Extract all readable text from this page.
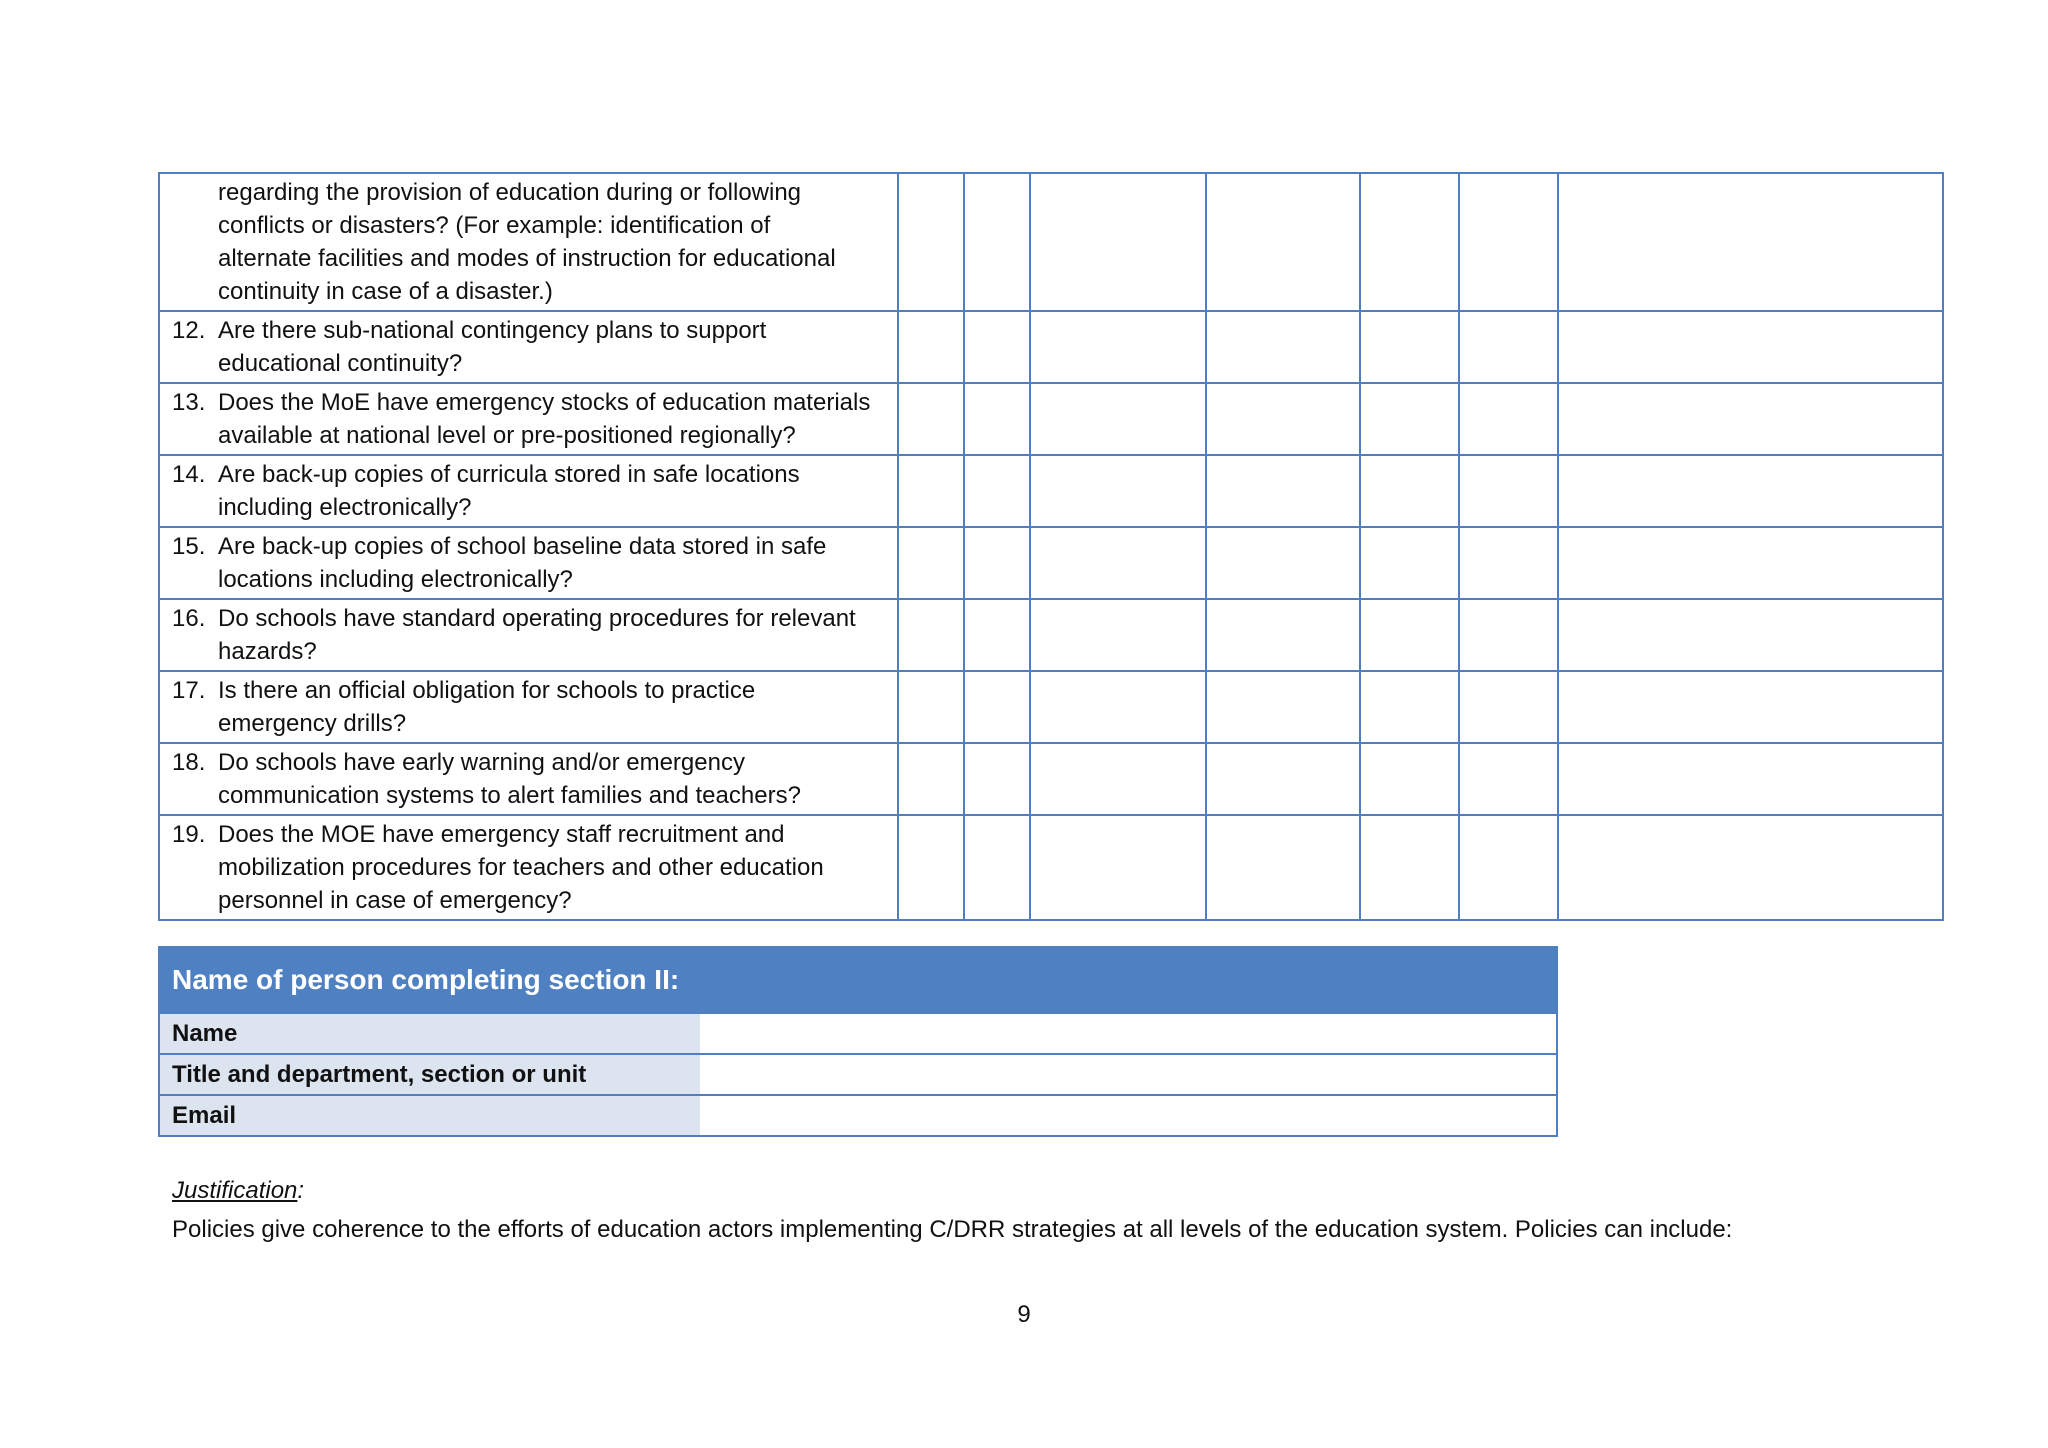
regarding the provision of education during or following
conflicts or disasters? (For example: identification of
alternate facilities and modes of instruction for educational
continuity in case of a disaster.)							

12. Are there sub-national contingency plans to support
educational continuity?							

13. Does the MoE have emergency stocks of education materials
available at national level or pre-positioned regionally?							

14. Are back-up copies of curricula stored in safe locations
including electronically?							

15. Are back-up copies of school baseline data stored in safe
locations including electronically?							

16. Do schools have standard operating procedures for relevant
hazards?							

17. Is there an official obligation for schools to practice
emergency drills?							

18. Do schools have early warning and/or emergency
communication systems to alert families and teachers?							

19. Does the MOE have emergency staff recruitment and
mobilization procedures for teachers and other education
personnel in case of emergency?							

Name of person completing section II:	
Name	
Title and department, section or unit	
Email	
Justification:
Policies give coherence to the efforts of education actors implementing C/DRR strategies at all levels of the education system. Policies can include:
9
